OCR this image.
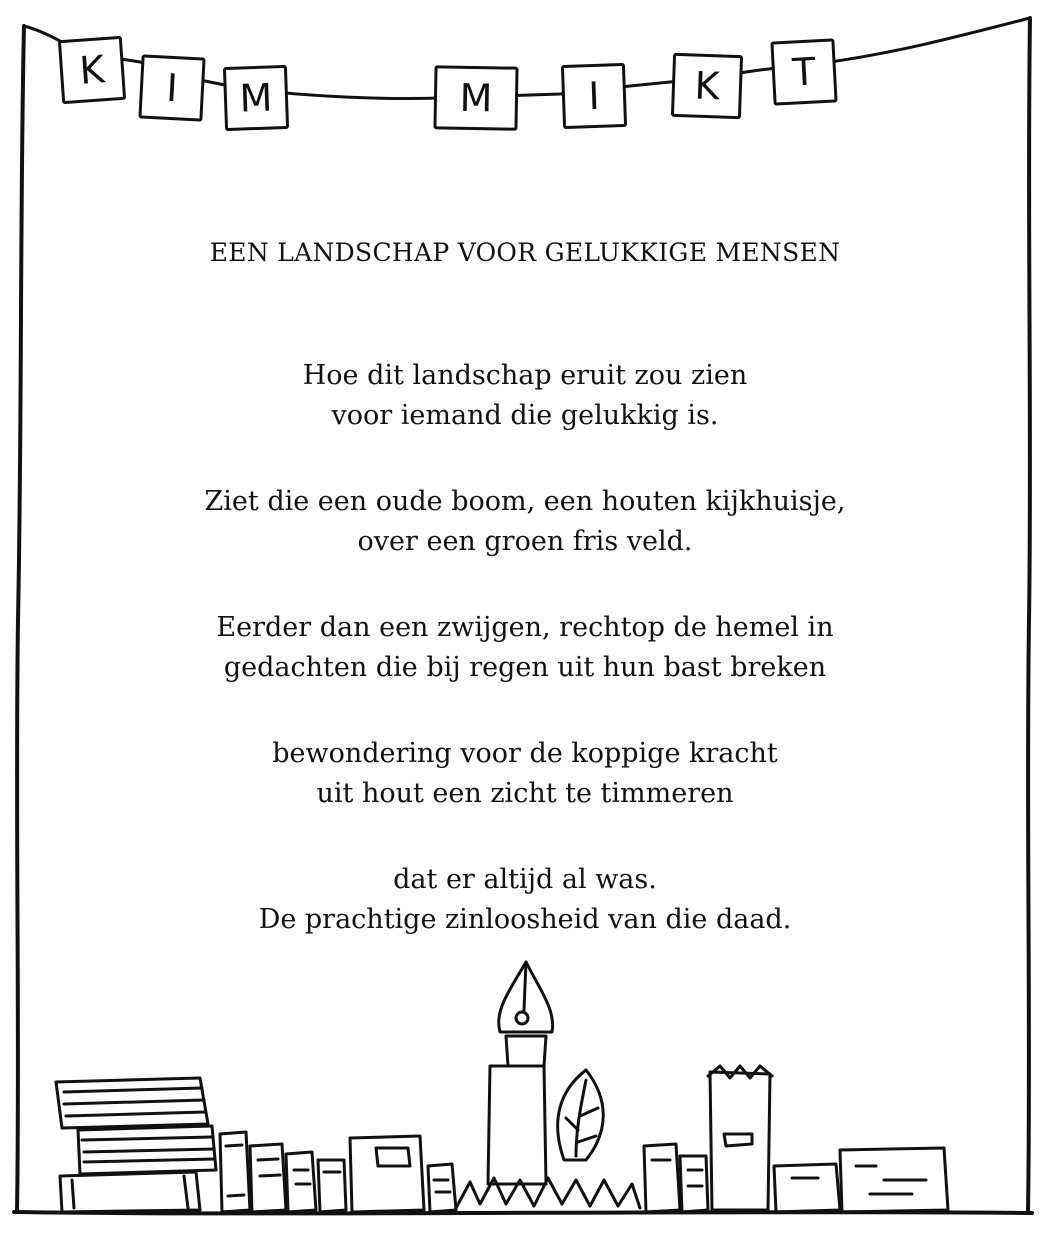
K I M	M I K T
EEN LANDSCHAP VOOR GELUKKIGE MENSEN

Hoe dit landschap eruit zou zien
voor iemand die gelukkig is.

Ziet die een oude boom, een houten kijkhuisje,
over een groen fris veld.

Eerder dan een zwijgen, rechtop de hemel in
gedachten die bij regen uit hun bast breken

bewondering voor de koppige kracht
uit hout een zicht te timmeren

dat er altijd al was.
De prachtige zinloosheid van die daad.
